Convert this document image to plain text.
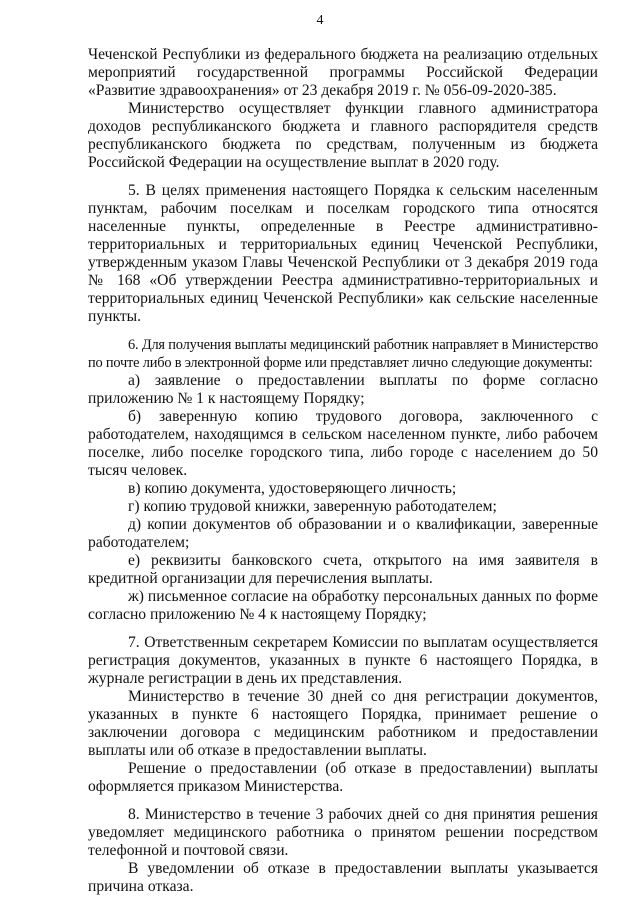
4

Чеченской Республики из федерального бюджета на реализацию отдельных мероприятий государственной программы Российской Федерации «Развитие здравоохранения» от 23 декабря 2019 г. № 056-09-2020-385.

Министерство осуществляет функции главного администратора доходов республиканского бюджета и главного распорядителя средств республиканского бюджета по средствам, полученным из бюджета Российской Федерации на осуществление выплат в 2020 году.

5. В целях применения настоящего Порядка к сельским населенным пунктам, рабочим поселкам и поселкам городского типа относятся населенные пункты, определенные в Реестре административно-территориальных и территориальных единиц Чеченской Республики, утвержденным указом Главы Чеченской Республики от 3 декабря 2019 года № 168 «Об утверждении Реестра административно-территориальных и территориальных единиц Чеченской Республики» как сельские населенные пункты.

6. Для получения выплаты медицинский работник направляет в Министерство по почте либо в электронной форме или представляет лично следующие документы:

а) заявление о предоставлении выплаты по форме согласно приложению № 1 к настоящему Порядку;

б) заверенную копию трудового договора, заключенного с работодателем, находящимся в сельском населенном пункте, либо рабочем поселке, либо поселке городского типа, либо городе с населением до 50 тысяч человек.

в) копию документа, удостоверяющего личность;

г) копию трудовой книжки, заверенную работодателем;

д) копии документов об образовании и о квалификации, заверенные работодателем;

е) реквизиты банковского счета, открытого на имя заявителя в кредитной организации для перечисления выплаты.

ж) письменное согласие на обработку персональных данных по форме согласно приложению № 4 к настоящему Порядку;

7. Ответственным секретарем Комиссии по выплатам осуществляется регистрация документов, указанных в пункте 6 настоящего Порядка, в журнале регистрации в день их представления.

Министерство в течение 30 дней со дня регистрации документов, указанных в пункте 6 настоящего Порядка, принимает решение о заключении договора с медицинским работником и предоставлении выплаты или об отказе в предоставлении выплаты.

Решение о предоставлении (об отказе в предоставлении) выплаты оформляется приказом Министерства.

8. Министерство в течение 3 рабочих дней со дня принятия решения уведомляет медицинского работника о принятом решении посредством телефонной и почтовой связи.

В уведомлении об отказе в предоставлении выплаты указывается причина отказа.
